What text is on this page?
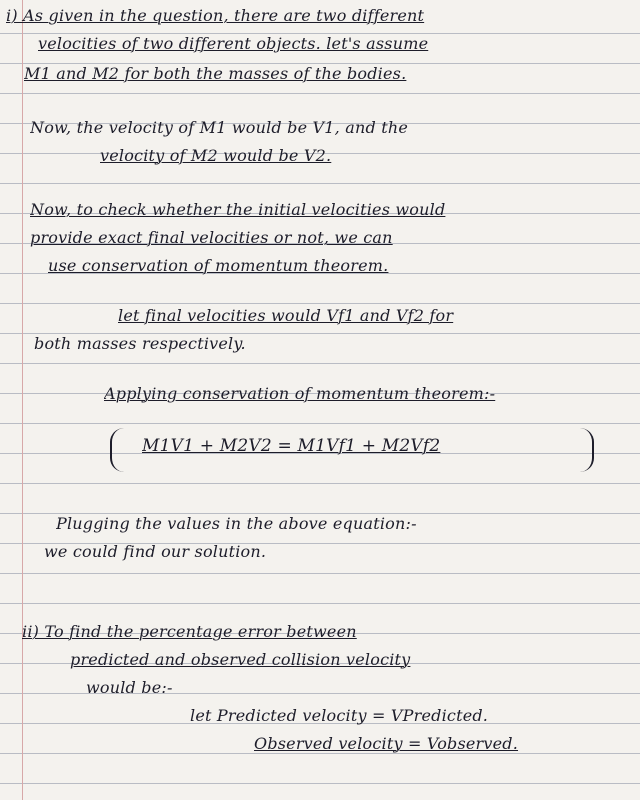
i) As given in the question, there are two different
velocities of two different objects. let's assume
M1 and M2 for both the masses of the bodies.
Now, the velocity of M1 would be V1, and the
velocity of M2 would be V2.
Now, to check whether the initial velocities would
provide exact final velocities or not, we can
use conservation of momentum theorem.
let final velocities would Vf1 and Vf2 for
both masses respectively.
Applying conservation of momentum theorem:-
M1V1 + M2V2 = M1Vf1 + M2Vf2
Plugging the values in the above equation:-
we could find our solution.
ii) To find the percentage error between
predicted and observed collision velocity
would be:-
let Predicted velocity = VPredicted.
Observed velocity = Vobserved.
